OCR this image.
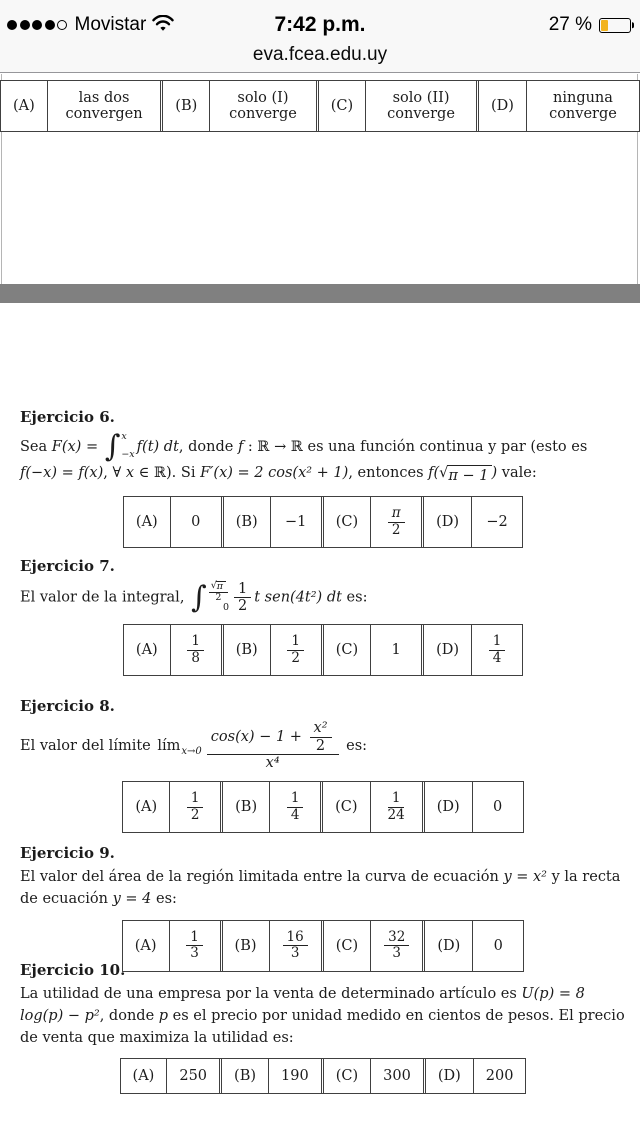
Movistar	7:42 p.m.	27 %
eva.fcea.edu.uy
(A)	las dos convergen	(B)	solo (I) converge	(C)	solo (II) converge	(D)	ninguna converge
Ejercicio 6.

Sea F(x) = ∫ x
−x f(t) dt, donde f : ℝ → ℝ es una función continua y par (esto es f(−x) = f(x), ∀ x ∈ ℝ). Si F′(x) = 2 cos(x² + 1), entonces f( √ π − 1 ) vale:

(A)	0	(B)	−1	(C)	$\frac{\pi}{2}$	(D)	−2
Ejercicio 7.

El valor de la integral, ∫ $\frac{√ \pi}{2}$
$0 \frac{1}{2}$ t sen(4t²) dt es:

(A)	$\frac{1}{8}$	(B)	$\frac{1}{2}$	(C)	1	(D)	$\frac{1}{4}$
Ejercicio 8.

El valor del límite lím $x\to 0 \frac{\cos(x) - 1 + \frac{\text{x²}}{2}}{\text{x⁴}}$ es:

(A)	$\frac{1}{2}$	(B)	$\frac{1}{4}$	(C)	$\frac{1}{24}$	(D)	0
Ejercicio 9.

El valor del área de la región limitada entre la curva de ecuación y = x² y la recta de ecuación y = 4 es:

(A)	$\frac{1}{3}$	(B)	$\frac{16}{3}$	(C)	$\frac{32}{3}$	(D)	0
Ejercicio 10.

La utilidad de una empresa por la venta de determinado artículo es U(p) = 8 log(p) − p², donde p es el precio por unidad medido en cientos de pesos. El precio de venta que maximiza la utilidad es:

(A)	250	(B)	190	(C)	300	(D)	200
